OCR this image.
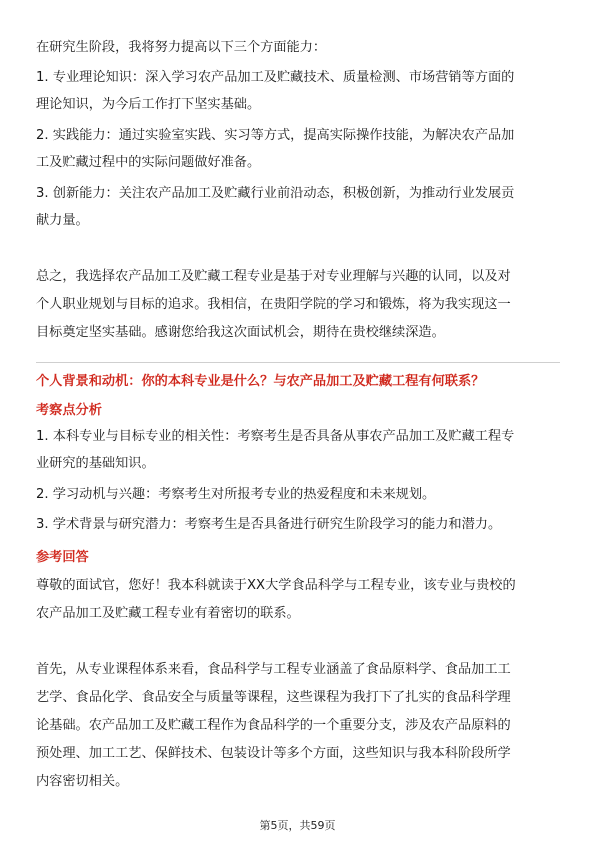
在研究生阶段，我将努力提高以下三个方面能力：
1. 专业理论知识：深入学习农产品加工及贮藏技术、质量检测、市场营销等方面的
理论知识，为今后工作打下坚实基础。
2. 实践能力：通过实验室实践、实习等方式，提高实际操作技能，为解决农产品加
工及贮藏过程中的实际问题做好准备。
3. 创新能力：关注农产品加工及贮藏行业前沿动态，积极创新，为推动行业发展贡
献力量。
总之，我选择农产品加工及贮藏工程专业是基于对专业理解与兴趣的认同，以及对
个人职业规划与目标的追求。我相信，在贵阳学院的学习和锻炼，将为我实现这一
目标奠定坚实基础。感谢您给我这次面试机会，期待在贵校继续深造。
个人背景和动机：你的本科专业是什么？与农产品加工及贮藏工程有何联系？
考察点分析
1. 本科专业与目标专业的相关性：考察考生是否具备从事农产品加工及贮藏工程专
业研究的基础知识。
2. 学习动机与兴趣：考察考生对所报考专业的热爱程度和未来规划。
3. 学术背景与研究潜力：考察考生是否具备进行研究生阶段学习的能力和潜力。
参考回答
尊敬的面试官，您好！我本科就读于XX大学食品科学与工程专业，该专业与贵校的
农产品加工及贮藏工程专业有着密切的联系。
首先，从专业课程体系来看，食品科学与工程专业涵盖了食品原料学、食品加工工
艺学、食品化学、食品安全与质量等课程，这些课程为我打下了扎实的食品科学理
论基础。农产品加工及贮藏工程作为食品科学的一个重要分支，涉及农产品原料的
预处理、加工工艺、保鲜技术、包装设计等多个方面，这些知识与我本科阶段所学
内容密切相关。
第5页，共59页
